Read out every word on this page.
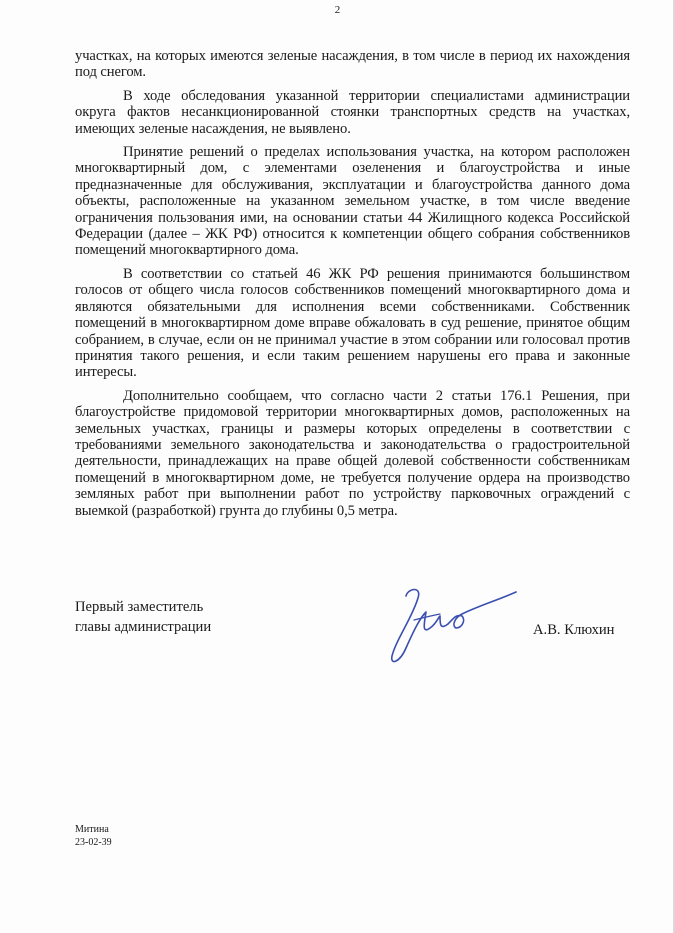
2

участках, на которых имеются зеленые насаждения, в том числе в период их нахождения под снегом.

В ходе обследования указанной территории специалистами администрации округа фактов несанкционированной стоянки транспортных средств на участках, имеющих зеленые насаждения, не выявлено.

Принятие решений о пределах использования участка, на котором расположен многоквартирный дом, с элементами озеленения и благоустройства и иные предназначенные для обслуживания, эксплуатации и благоустройства данного дома объекты, расположенные на указанном земельном участке, в том числе введение ограничения пользования ими, на основании статьи 44 Жилищного кодекса Российской Федерации (далее – ЖК РФ) относится к компетенции общего собрания собственников помещений многоквартирного дома.

В соответствии со статьей 46 ЖК РФ решения принимаются большинством голосов от общего числа голосов собственников помещений многоквартирного дома и являются обязательными для исполнения всеми собственниками. Собственник помещений в многоквартирном доме вправе обжаловать в суд решение, принятое общим собранием, в случае, если он не принимал участие в этом собрании или голосовал против принятия такого решения, и если таким решением нарушены его права и законные интересы.

Дополнительно сообщаем, что согласно части 2 статьи 176.1 Решения, при благоустройстве придомовой территории многоквартирных домов, расположенных на земельных участках, границы и размеры которых определены в соответствии с требованиями земельного законодательства и законодательства о градостроительной деятельности, принадлежащих на праве общей долевой собственности собственникам помещений в многоквартирном доме, не требуется получение ордера на производство земляных работ при выполнении работ по устройству парковочных ограждений с выемкой (разработкой) грунта до глубины 0,5 метра.

Первый заместитель
главы администрации	А.В. Клюхин
Митина
23-02-39
